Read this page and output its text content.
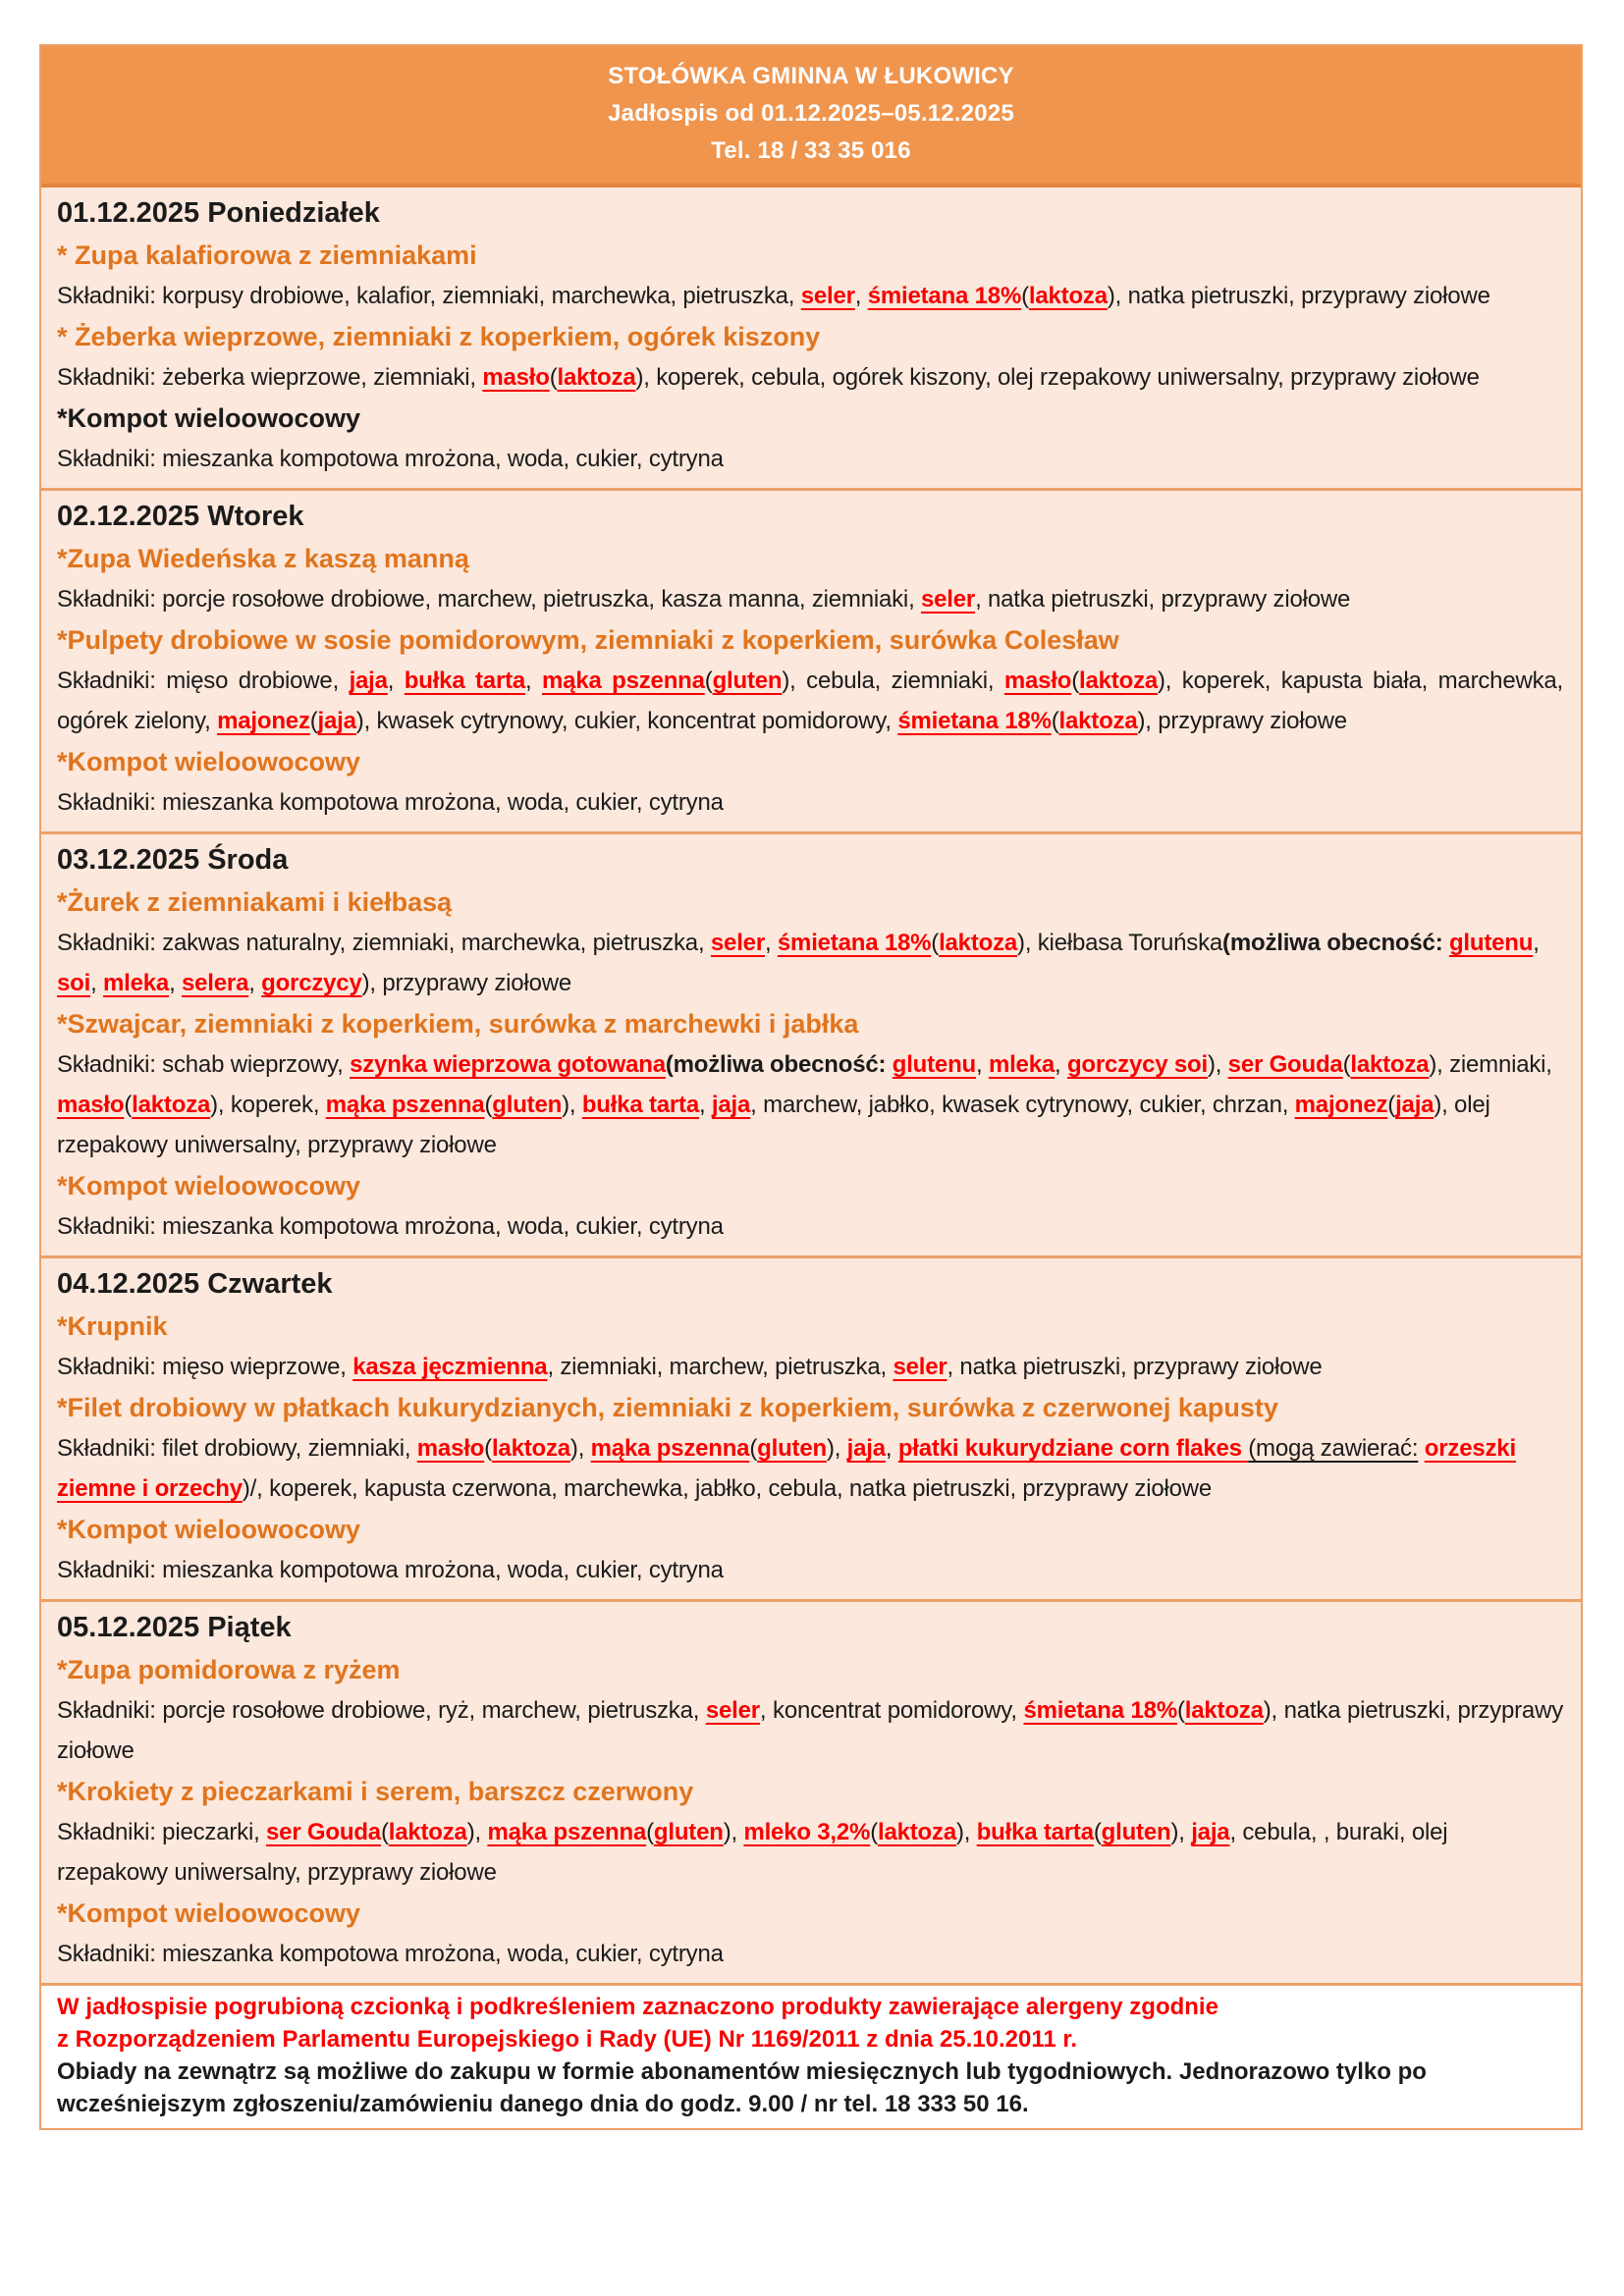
STOŁÓWKA GMINNA W ŁUKOWICY
Jadłospis od 01.12.2025–05.12.2025
Tel. 18 / 33 35 016
01.12.2025 Poniedziałek
* Zupa kalafiorowa z ziemniakami

Składniki: korpusy drobiowe, kalafior, ziemniaki, marchewka, pietruszka, seler, śmietana 18%(laktoza), natka pietruszki, przyprawy ziołowe

* Żeberka wieprzowe, ziemniaki z koperkiem, ogórek kiszony

Składniki: żeberka wieprzowe, ziemniaki, masło(laktoza), koperek, cebula, ogórek kiszony, olej rzepakowy uniwersalny, przyprawy ziołowe

*Kompot wieloowocowy

Składniki: mieszanka kompotowa mrożona, woda, cukier, cytryna

02.12.2025 Wtorek
*Zupa Wiedeńska z kaszą manną

Składniki: porcje rosołowe drobiowe, marchew, pietruszka, kasza manna, ziemniaki, seler, natka pietruszki, przyprawy ziołowe

*Pulpety drobiowe w sosie pomidorowym, ziemniaki z koperkiem, surówka Colesław

Składniki: mięso drobiowe, jaja, bułka tarta, mąka pszenna(gluten), cebula, ziemniaki, masło(laktoza), koperek, kapusta biała, marchewka, ogórek zielony, majonez(jaja), kwasek cytrynowy, cukier, koncentrat pomidorowy, śmietana 18%(laktoza), przyprawy ziołowe

*Kompot wieloowocowy

Składniki: mieszanka kompotowa mrożona, woda, cukier, cytryna

03.12.2025 Środa
*Żurek z ziemniakami i kiełbasą

Składniki: zakwas naturalny, ziemniaki, marchewka, pietruszka, seler, śmietana 18%(laktoza), kiełbasa Toruńska(możliwa obecność: glutenu, soi, mleka, selera, gorczycy), przyprawy ziołowe

*Szwajcar, ziemniaki z koperkiem, surówka z marchewki i jabłka

Składniki: schab wieprzowy, szynka wieprzowa gotowana(możliwa obecność: glutenu, mleka, gorczycy soi), ser Gouda(laktoza), ziemniaki, masło(laktoza), koperek, mąka pszenna(gluten), bułka tarta, jaja, marchew, jabłko, kwasek cytrynowy, cukier, chrzan, majonez(jaja), olej rzepakowy uniwersalny, przyprawy ziołowe

*Kompot wieloowocowy

Składniki: mieszanka kompotowa mrożona, woda, cukier, cytryna

04.12.2025 Czwartek
*Krupnik

Składniki: mięso wieprzowe, kasza jęczmienna, ziemniaki, marchew, pietruszka, seler, natka pietruszki, przyprawy ziołowe

*Filet drobiowy w płatkach kukurydzianych, ziemniaki z koperkiem, surówka z czerwonej kapusty

Składniki: filet drobiowy, ziemniaki, masło(laktoza), mąka pszenna(gluten), jaja, płatki kukurydziane corn flakes (mogą zawierać: orzeszki ziemne i orzechy)/, koperek, kapusta czerwona, marchewka, jabłko, cebula, natka pietruszki, przyprawy ziołowe

*Kompot wieloowocowy

Składniki: mieszanka kompotowa mrożona, woda, cukier, cytryna

05.12.2025 Piątek
*Zupa pomidorowa z ryżem

Składniki: porcje rosołowe drobiowe, ryż, marchew, pietruszka, seler, koncentrat pomidorowy, śmietana 18%(laktoza), natka pietruszki, przyprawy ziołowe

*Krokiety z pieczarkami i serem, barszcz czerwony

Składniki: pieczarki, ser Gouda(laktoza), mąka pszenna(gluten), mleko 3,2%(laktoza), bułka tarta(gluten), jaja, cebula, , buraki, olej rzepakowy uniwersalny, przyprawy ziołowe

*Kompot wieloowocowy

Składniki: mieszanka kompotowa mrożona, woda, cukier, cytryna

W jadłospisie pogrubioną czcionką i podkreśleniem zaznaczono produkty zawierające alergeny zgodnie
z Rozporządzeniem Parlamentu Europejskiego i Rady (UE) Nr 1169/2011 z dnia 25.10.2011 r.
Obiady na zewnątrz są możliwe do zakupu w formie abonamentów miesięcznych lub tygodniowych. Jednorazowo tylko po wcześniejszym zgłoszeniu/zamówieniu danego dnia do godz. 9.00 / nr tel. 18 333 50 16.
